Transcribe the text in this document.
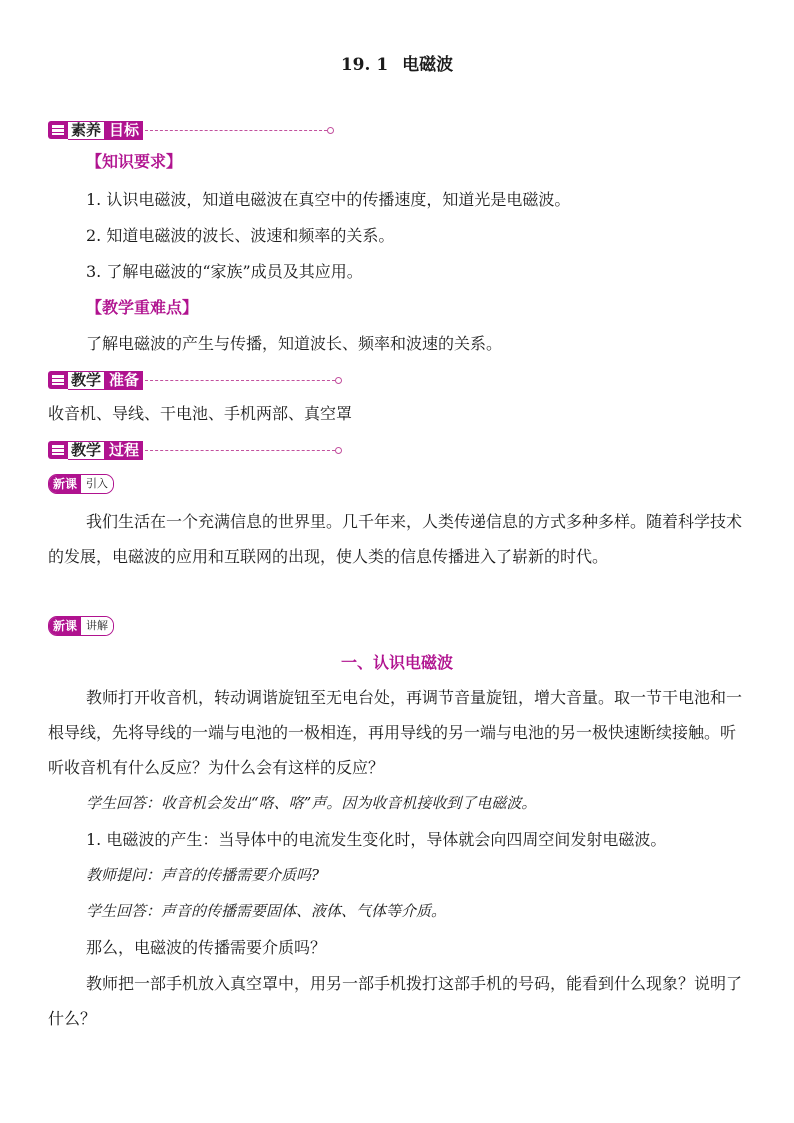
19. 1 电磁波
素养 目标
【知识要求】
1. 认识电磁波，知道电磁波在真空中的传播速度，知道光是电磁波。
2. 知道电磁波的波长、波速和频率的关系。
3. 了解电磁波的“家族”成员及其应用。
【教学重难点】
了解电磁波的产生与传播，知道波长、频率和波速的关系。
教学 准备
收音机、导线、干电池、手机两部、真空罩
教学 过程
新课 引入
我们生活在一个充满信息的世界里。几千年来，人类传递信息的方式多种多样。随着科学技术的发展，电磁波的应用和互联网的出现，使人类的信息传播进入了崭新的时代。
新课 讲解
一、认识电磁波
教师打开收音机，转动调谐旋钮至无电台处，再调节音量旋钮，增大音量。取一节干电池和一根导线，先将导线的一端与电池的一极相连，再用导线的另一端与电池的另一极快速断续接触。听听收音机有什么反应？为什么会有这样的反应？
学生回答：收音机会发出“咯、咯”声。因为收音机接收到了电磁波。
1. 电磁波的产生：当导体中的电流发生变化时，导体就会向四周空间发射电磁波。
教师提问：声音的传播需要介质吗?
学生回答：声音的传播需要固体、液体、气体等介质。
那么，电磁波的传播需要介质吗？
教师把一部手机放入真空罩中，用另一部手机拨打这部手机的号码，能看到什么现象？说明了什么？
